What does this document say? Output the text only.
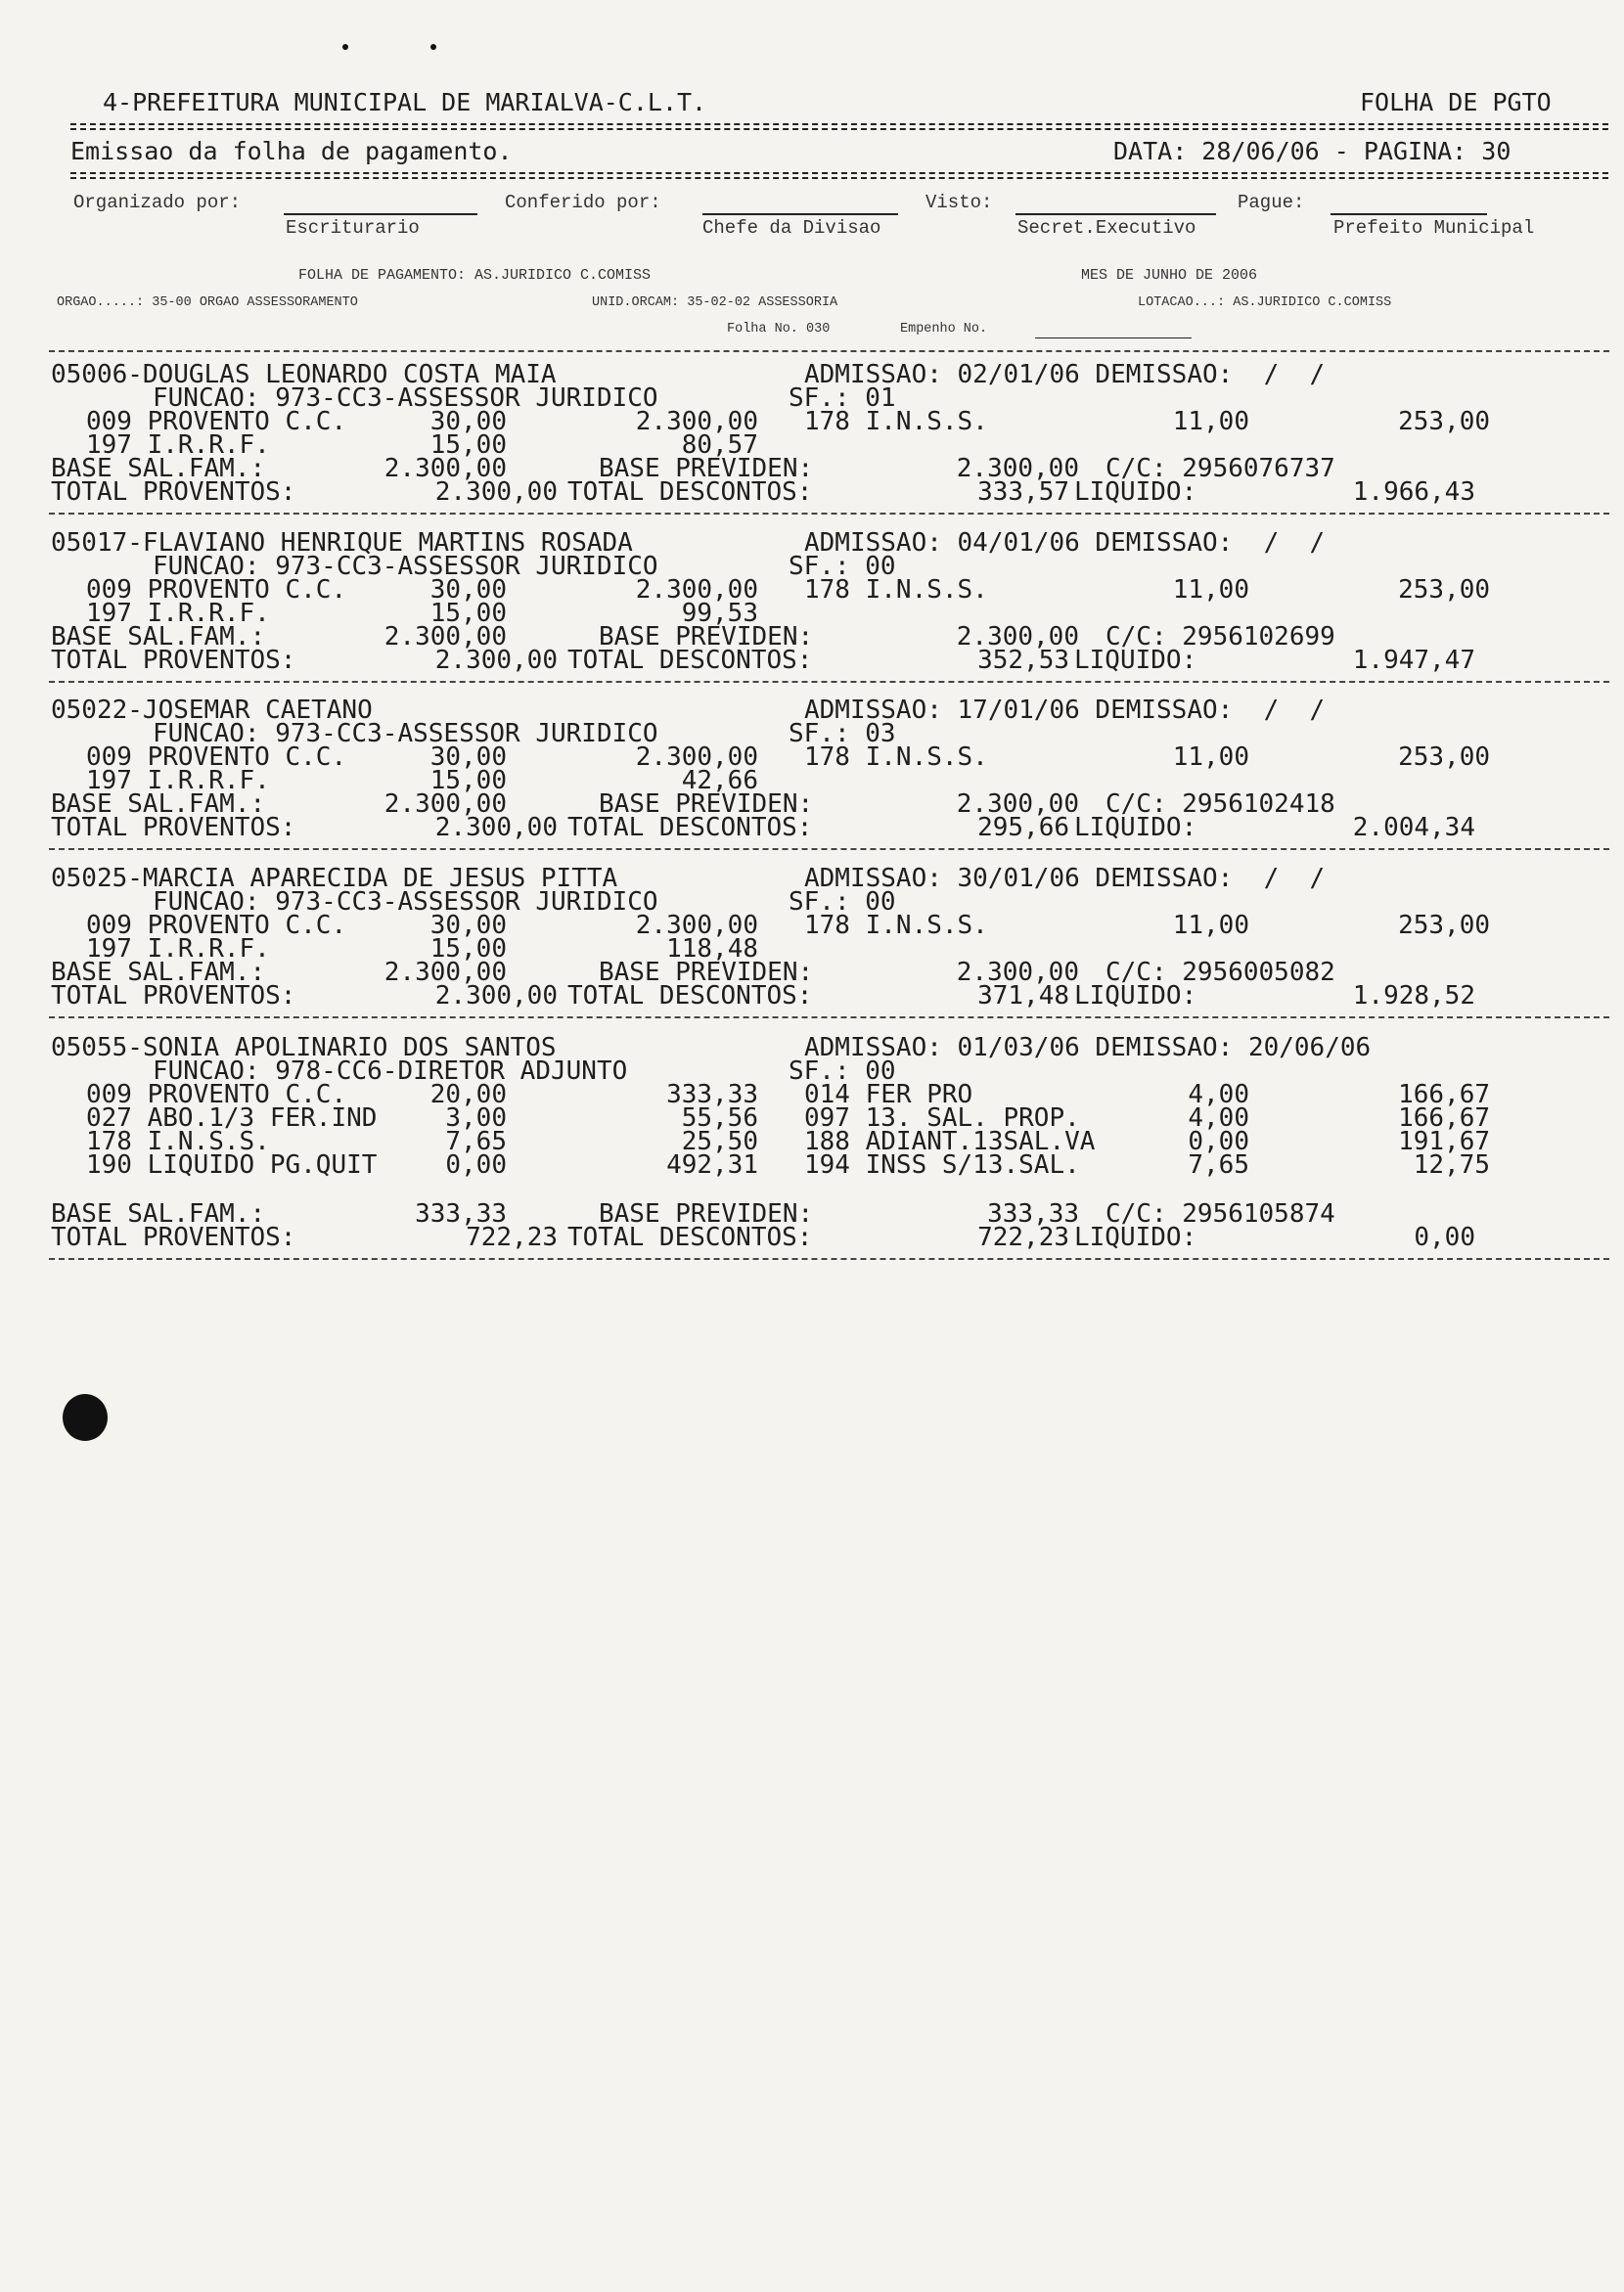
4-PREFEITURA MUNICIPAL DE MARIALVA-C.L.T.	FOLHA DE PGTO
Emissao da folha de pagamento.	DATA: 28/06/06 - PAGINA: 30
Organizado por:	Conferido por:	Visto:	Pague:
Escriturario	Chefe da Divisao	Secret.Executivo	Prefeito Municipal
FOLHA DE PAGAMENTO: AS.JURIDICO C.COMISS	MES DE JUNHO DE 2006
ORGAO.....: 35-00 ORGAO ASSESSORAMENTO	UNID.ORCAM: 35-02-02 ASSESSORIA	LOTACAO...: AS.JURIDICO C.COMISS
Folha No. 030	Empenho No.
05006-DOUGLAS LEONARDO COSTA MAIA	ADMISSAO: 02/01/06 DEMISSAO:  /  /
FUNCAO: 973-CC3-ASSESSOR JURIDICO	SF.: 01
009 PROVENTO C.C.	30,00	2.300,00 178 I.N.S.S.	11,00	253,00
197 I.R.R.F.	15,00	80,57
BASE SAL.FAM.:	2.300,00	BASE PREVIDEN:	2.300,00 C/C: 2956076737
TOTAL PROVENTOS:	2.300,00 TOTAL DESCONTOS:	333,57 LIQUIDO:	1.966,43
05017-FLAVIANO HENRIQUE MARTINS ROSADA	ADMISSAO: 04/01/06 DEMISSAO:  /  /
FUNCAO: 973-CC3-ASSESSOR JURIDICO	SF.: 00
009 PROVENTO C.C.	30,00	2.300,00 178 I.N.S.S.	11,00	253,00
197 I.R.R.F.	15,00	99,53
BASE SAL.FAM.:	2.300,00	BASE PREVIDEN:	2.300,00 C/C: 2956102699
TOTAL PROVENTOS:	2.300,00 TOTAL DESCONTOS:	352,53 LIQUIDO:	1.947,47
05022-JOSEMAR CAETANO	ADMISSAO: 17/01/06 DEMISSAO:  /  /
FUNCAO: 973-CC3-ASSESSOR JURIDICO	SF.: 03
009 PROVENTO C.C.	30,00	2.300,00 178 I.N.S.S.	11,00	253,00
197 I.R.R.F.	15,00	42,66
BASE SAL.FAM.:	2.300,00	BASE PREVIDEN:	2.300,00 C/C: 2956102418
TOTAL PROVENTOS:	2.300,00 TOTAL DESCONTOS:	295,66 LIQUIDO:	2.004,34
05025-MARCIA APARECIDA DE JESUS PITTA	ADMISSAO: 30/01/06 DEMISSAO:  /  /
FUNCAO: 973-CC3-ASSESSOR JURIDICO	SF.: 00
009 PROVENTO C.C.	30,00	2.300,00 178 I.N.S.S.	11,00	253,00
197 I.R.R.F.	15,00	118,48
BASE SAL.FAM.:	2.300,00	BASE PREVIDEN:	2.300,00 C/C: 2956005082
TOTAL PROVENTOS:	2.300,00 TOTAL DESCONTOS:	371,48 LIQUIDO:	1.928,52
05055-SONIA APOLINARIO DOS SANTOS	ADMISSAO: 01/03/06 DEMISSAO: 20/06/06
FUNCAO: 978-CC6-DIRETOR ADJUNTO	SF.: 00
009 PROVENTO C.C.	20,00	333,33 014 FER PRO	4,00	166,67
027 ABO.1/3 FER.IND	3,00	55,56 097 13. SAL. PROP.	4,00	166,67
178 I.N.S.S.	7,65	25,50 188 ADIANT.13SAL.VA	0,00	191,67
190 LIQUIDO PG.QUIT	0,00	492,31 194 INSS S/13.SAL.	7,65	12,75
BASE SAL.FAM.:	333,33	BASE PREVIDEN:	333,33 C/C: 2956105874
TOTAL PROVENTOS:	722,23 TOTAL DESCONTOS:	722,23 LIQUIDO:	0,00
